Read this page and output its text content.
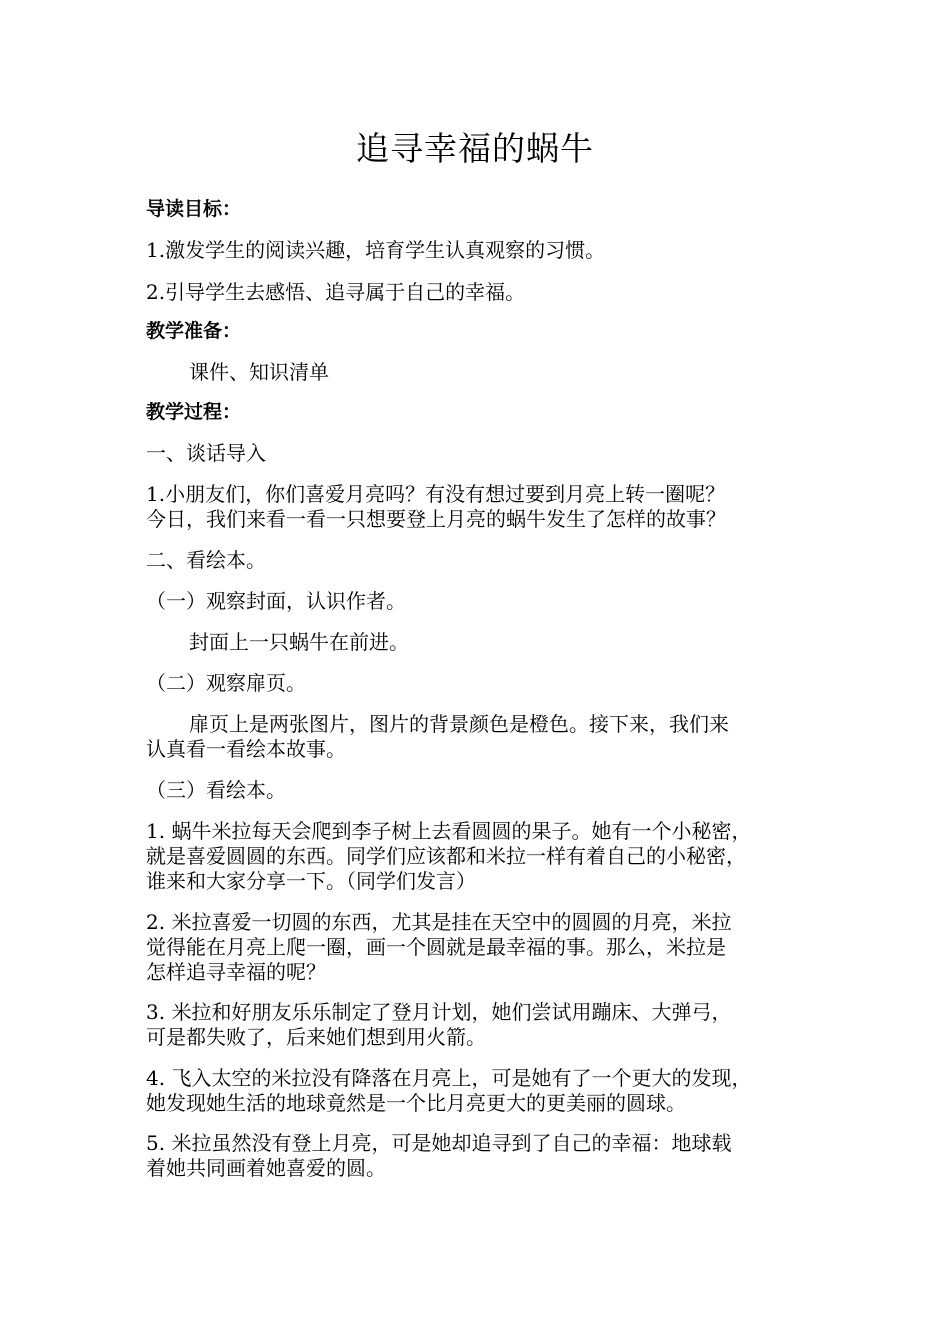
追寻幸福的蜗牛

导读目标：

1.激发学生的阅读兴趣，培育学生认真观察的习惯。

2.引导学生去感悟、追寻属于自己的幸福。

教学准备：

课件、知识清单

教学过程：

一、谈话导入

1.小朋友们，你们喜爱月亮吗？有没有想过要到月亮上转一圈呢？

今日，我们来看一看一只想要登上月亮的蜗牛发生了怎样的故事？

二、看绘本。

（一）观察封面，认识作者。

封面上一只蜗牛在前进。

（二）观察扉页。

扉页上是两张图片，图片的背景颜色是橙色。接下来，我们来

认真看一看绘本故事。

（三）看绘本。

1. 蜗牛米拉每天会爬到李子树上去看圆圆的果子。她有一个小秘密，

就是喜爱圆圆的东西。同学们应该都和米拉一样有着自己的小秘密，

谁来和大家分享一下。（同学们发言）

2. 米拉喜爱一切圆的东西，尤其是挂在天空中的圆圆的月亮，米拉

觉得能在月亮上爬一圈，画一个圆就是最幸福的事。那么，米拉是

怎样追寻幸福的呢？

3. 米拉和好朋友乐乐制定了登月计划，她们尝试用蹦床、大弹弓，

可是都失败了，后来她们想到用火箭。

4. 飞入太空的米拉没有降落在月亮上，可是她有了一个更大的发现，

她发现她生活的地球竟然是一个比月亮更大的更美丽的圆球。

5. 米拉虽然没有登上月亮，可是她却追寻到了自己的幸福：地球载

着她共同画着她喜爱的圆。
